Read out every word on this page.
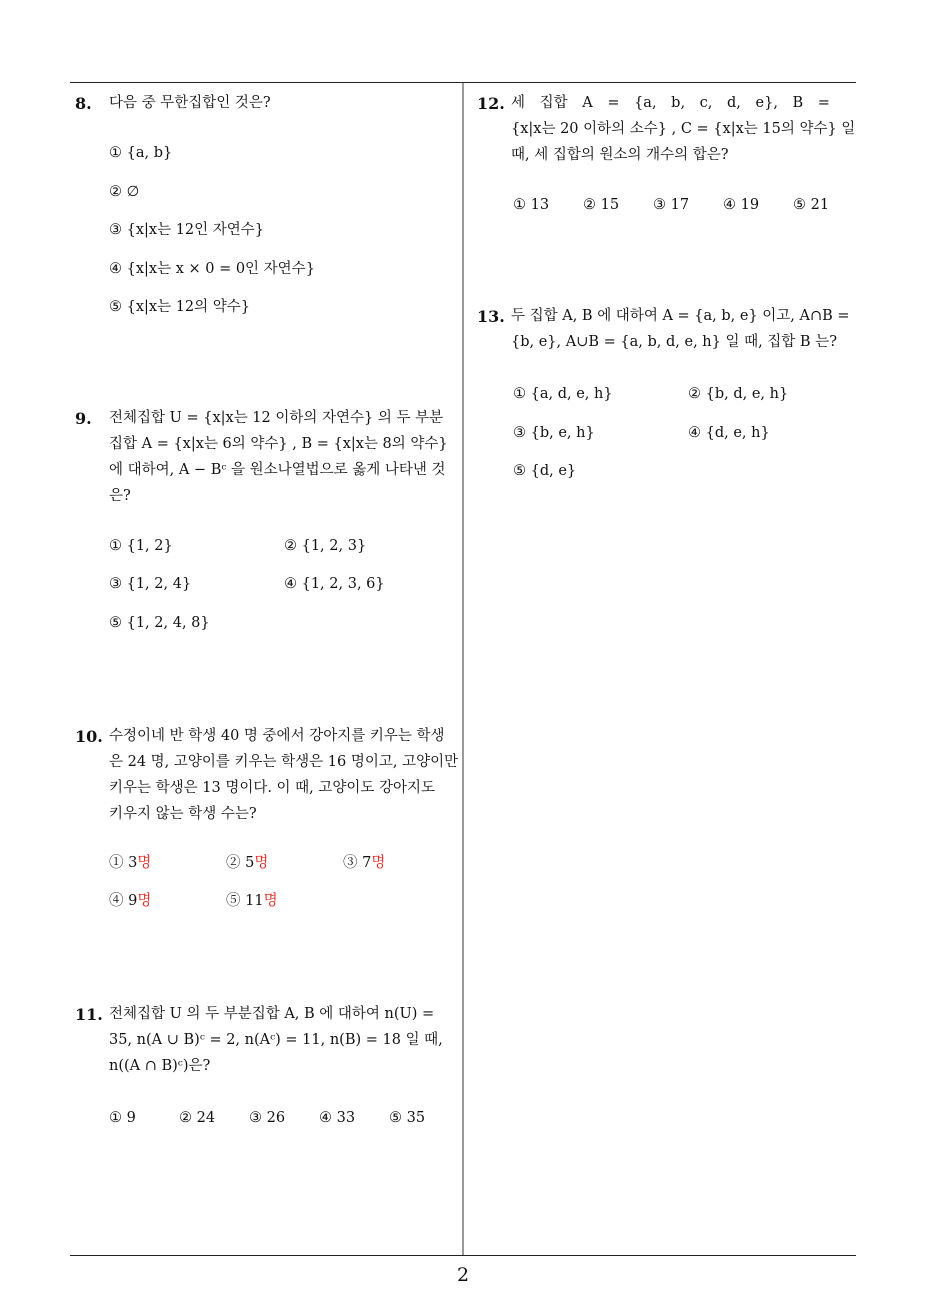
2
8. 다음 중 무한집합인 것은?
① {a, b}
② ∅
③ {x|x는 12인 자연수}
④ {x|x는 x × 0 = 0인 자연수}
⑤ {x|x는 12의 약수}
9. 전체집합 U = {x|x는 12 이하의 자연수} 의 두 부분
집합 A = {x|x는 6의 약수} , B = {x|x는 8의 약수}
에 대하여, A − Bᶜ 을 원소나열법으로 옳게 나타낸 것
은?
① {1, 2}	② {1, 2, 3}
③ {1, 2, 4}	④ {1, 2, 3, 6}
⑤ {1, 2, 4, 8}
10. 수정이네 반 학생 40 명 중에서 강아지를 키우는 학생
은 24 명, 고양이를 키우는 학생은 16 명이고, 고양이만
키우는 학생은 13 명이다. 이 때, 고양이도 강아지도
키우지 않는 학생 수는?
① 3명	② 5명	③ 7명
④ 9명	⑤ 11명
11. 전체집합 U 의 두 부분집합 A, B 에 대하여 n(U) =
35, n(A ∪ B)ᶜ = 2, n(Aᶜ) = 11, n(B) = 18 일 때,
n((A ∩ B)ᶜ)은?
① 9	② 24 ③ 26 ④ 33 ⑤ 35
12. 세 집합 A = {a, b, c, d, e}, B =
{x|x는 20 이하의 소수} , C = {x|x는 15의 약수} 일
때, 세 집합의 원소의 개수의 합은?
① 13 ② 15 ③ 17 ④ 19 ⑤ 21
13. 두 집합 A, B 에 대하여 A = {a, b, e} 이고, A∩B =
{b, e}, A∪B = {a, b, d, e, h} 일 때, 집합 B 는?
① {a, d, e, h}	② {b, d, e, h}
③ {b, e, h}	④ {d, e, h}
⑤ {d, e}
